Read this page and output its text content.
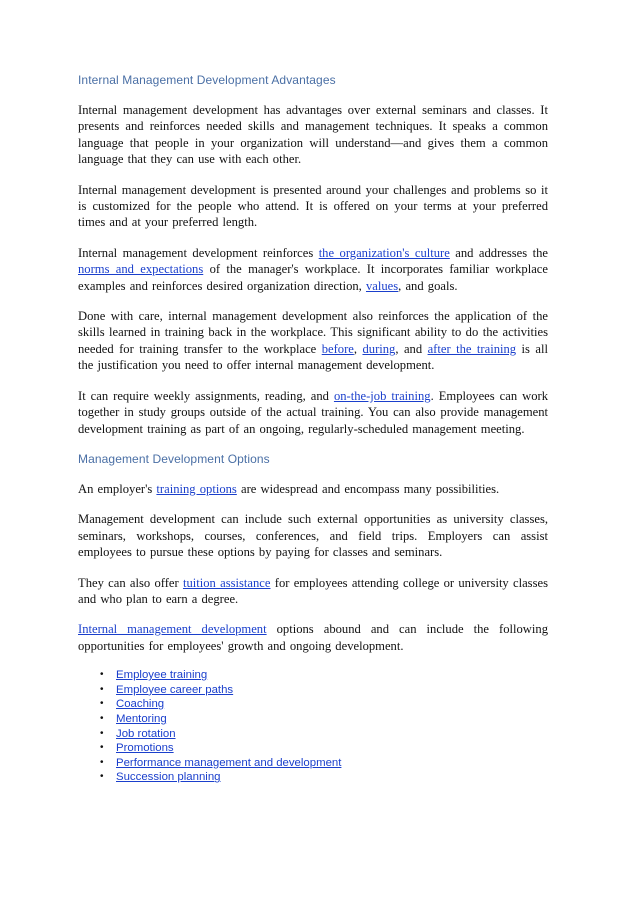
Internal Management Development Advantages

Internal management development has advantages over external seminars and classes. It presents and reinforces needed skills and management techniques. It speaks a common language that people in your organization will understand—and gives them a common language that they can use with each other.

Internal management development is presented around your challenges and problems so it is customized for the people who attend. It is offered on your terms at your preferred times and at your preferred length.

Internal management development reinforces the organization's culture and addresses the norms and expectations of the manager's workplace. It incorporates familiar workplace examples and reinforces desired organization direction, values, and goals.

Done with care, internal management development also reinforces the application of the skills learned in training back in the workplace. This significant ability to do the activities needed for training transfer to the workplace before, during, and after the training is all the justification you need to offer internal management development.

It can require weekly assignments, reading, and on-the-job training. Employees can work together in study groups outside of the actual training. You can also provide management development training as part of an ongoing, regularly-scheduled management meeting.

Management Development Options

An employer's training options are widespread and encompass many possibilities.

Management development can include such external opportunities as university classes, seminars, workshops, courses, conferences, and field trips. Employers can assist employees to pursue these options by paying for classes and seminars.

They can also offer tuition assistance for employees attending college or university classes and who plan to earn a degree.

Internal management development options abound and can include the following opportunities for employees' growth and ongoing development.

• Employee training
• Employee career paths
• Coaching
• Mentoring
• Job rotation
• Promotions
• Performance management and development
• Succession planning
